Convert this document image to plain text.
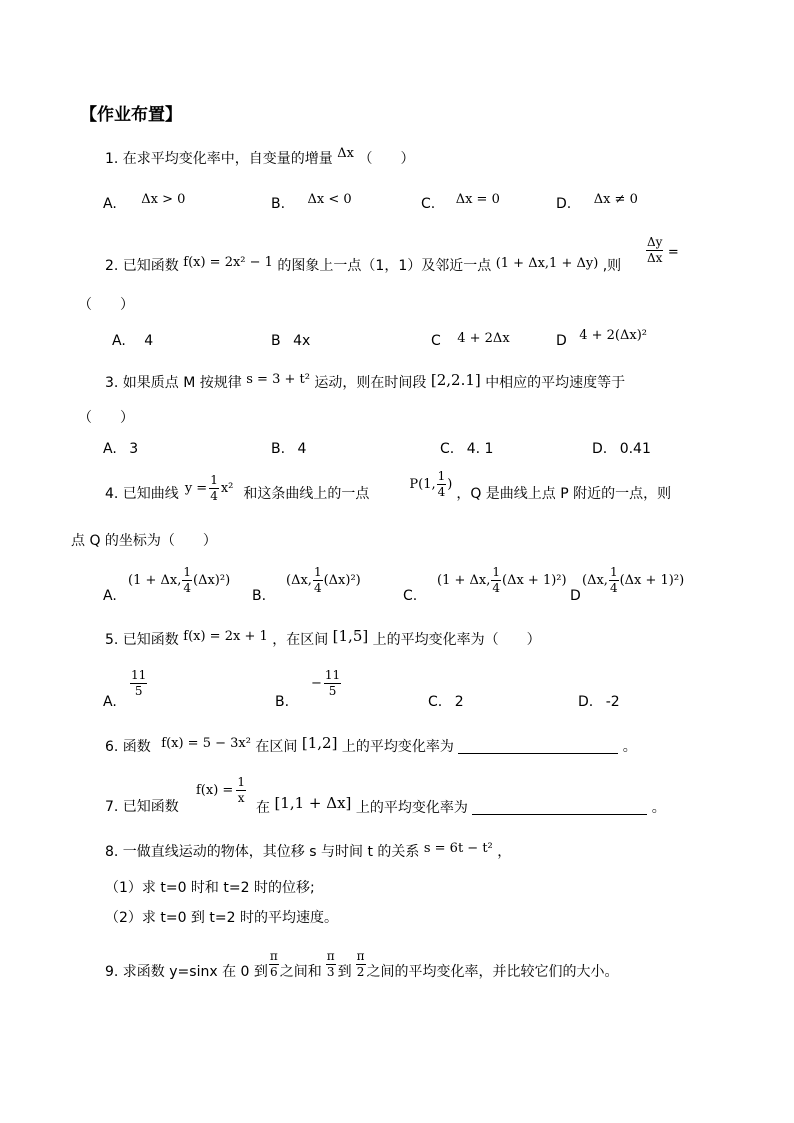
【作业布置】
1. 在求平均变化率中，自变量的增量 Δx （　　）
A. Δx > 0	B. Δx < 0	C. Δx = 0	D. Δx ≠ 0
2. 已知函数 f(x) = 2x² − 1 的图象上一点（1，1）及邻近一点 (1 + Δx,1 + Δy) ,则
$\frac{\Delta y}{\Delta x}$ =
（　　）
A. 4	B 4x	C 4 + 2Δx	D 4 + 2(Δx)²
3. 如果质点 M 按规律 s = 3 + t² 运动，则在时间段 [2,2.1] 中相应的平均速度等于
（　　）
A. 3	B. 4	C. 4. 1	D. 0.41
4. 已知曲线 $y = \frac{1}{4} x^2$ 和这条曲线上的一点
P(1, $\frac{1}{4}$ )
，Q 是曲线上点 P 附近的一点，则
点 Q 的坐标为（　　）
A.
(1 + Δx, $\frac{1}{4} (\Delta x)^2$)
B.
(Δx, $\frac{1}{4} (\Delta x)^2$)
C.
(1 + Δx, $\frac{1}{4} (\Delta x + 1)^2$)
D
(Δx, $\frac{1}{4} (\Delta x + 1)^2$)
5. 已知函数 f(x) = 2x + 1 ，在区间 [1,5] 上的平均变化率为（　　）
A.
$\frac{11}{5}$
B.
− $\frac{11}{5}$
C. 2	D. -2
6. 函数 f(x) = 5 − 3x² 在区间 [1,2] 上的平均变化率为	。
7. 已知函数
$f(x) = \frac{1}{x}$
在 [1,1 + Δx] 上的平均变化率为	。
8. 一做直线运动的物体，其位移 s 与时间 t 的关系 s = 6t − t² ，
（1）求 t=0 时和 t=2 时的位移;
（2）求 t=0 到 t=2 时的平均速度。
9. 求函数 y=sinx 在 0 到 $\frac{\pi}{6}$ 之间和 $\frac{\pi}{3}$ 到 $\frac{\pi}{2}$ 之间的平均变化率，并比较它们的大小。
